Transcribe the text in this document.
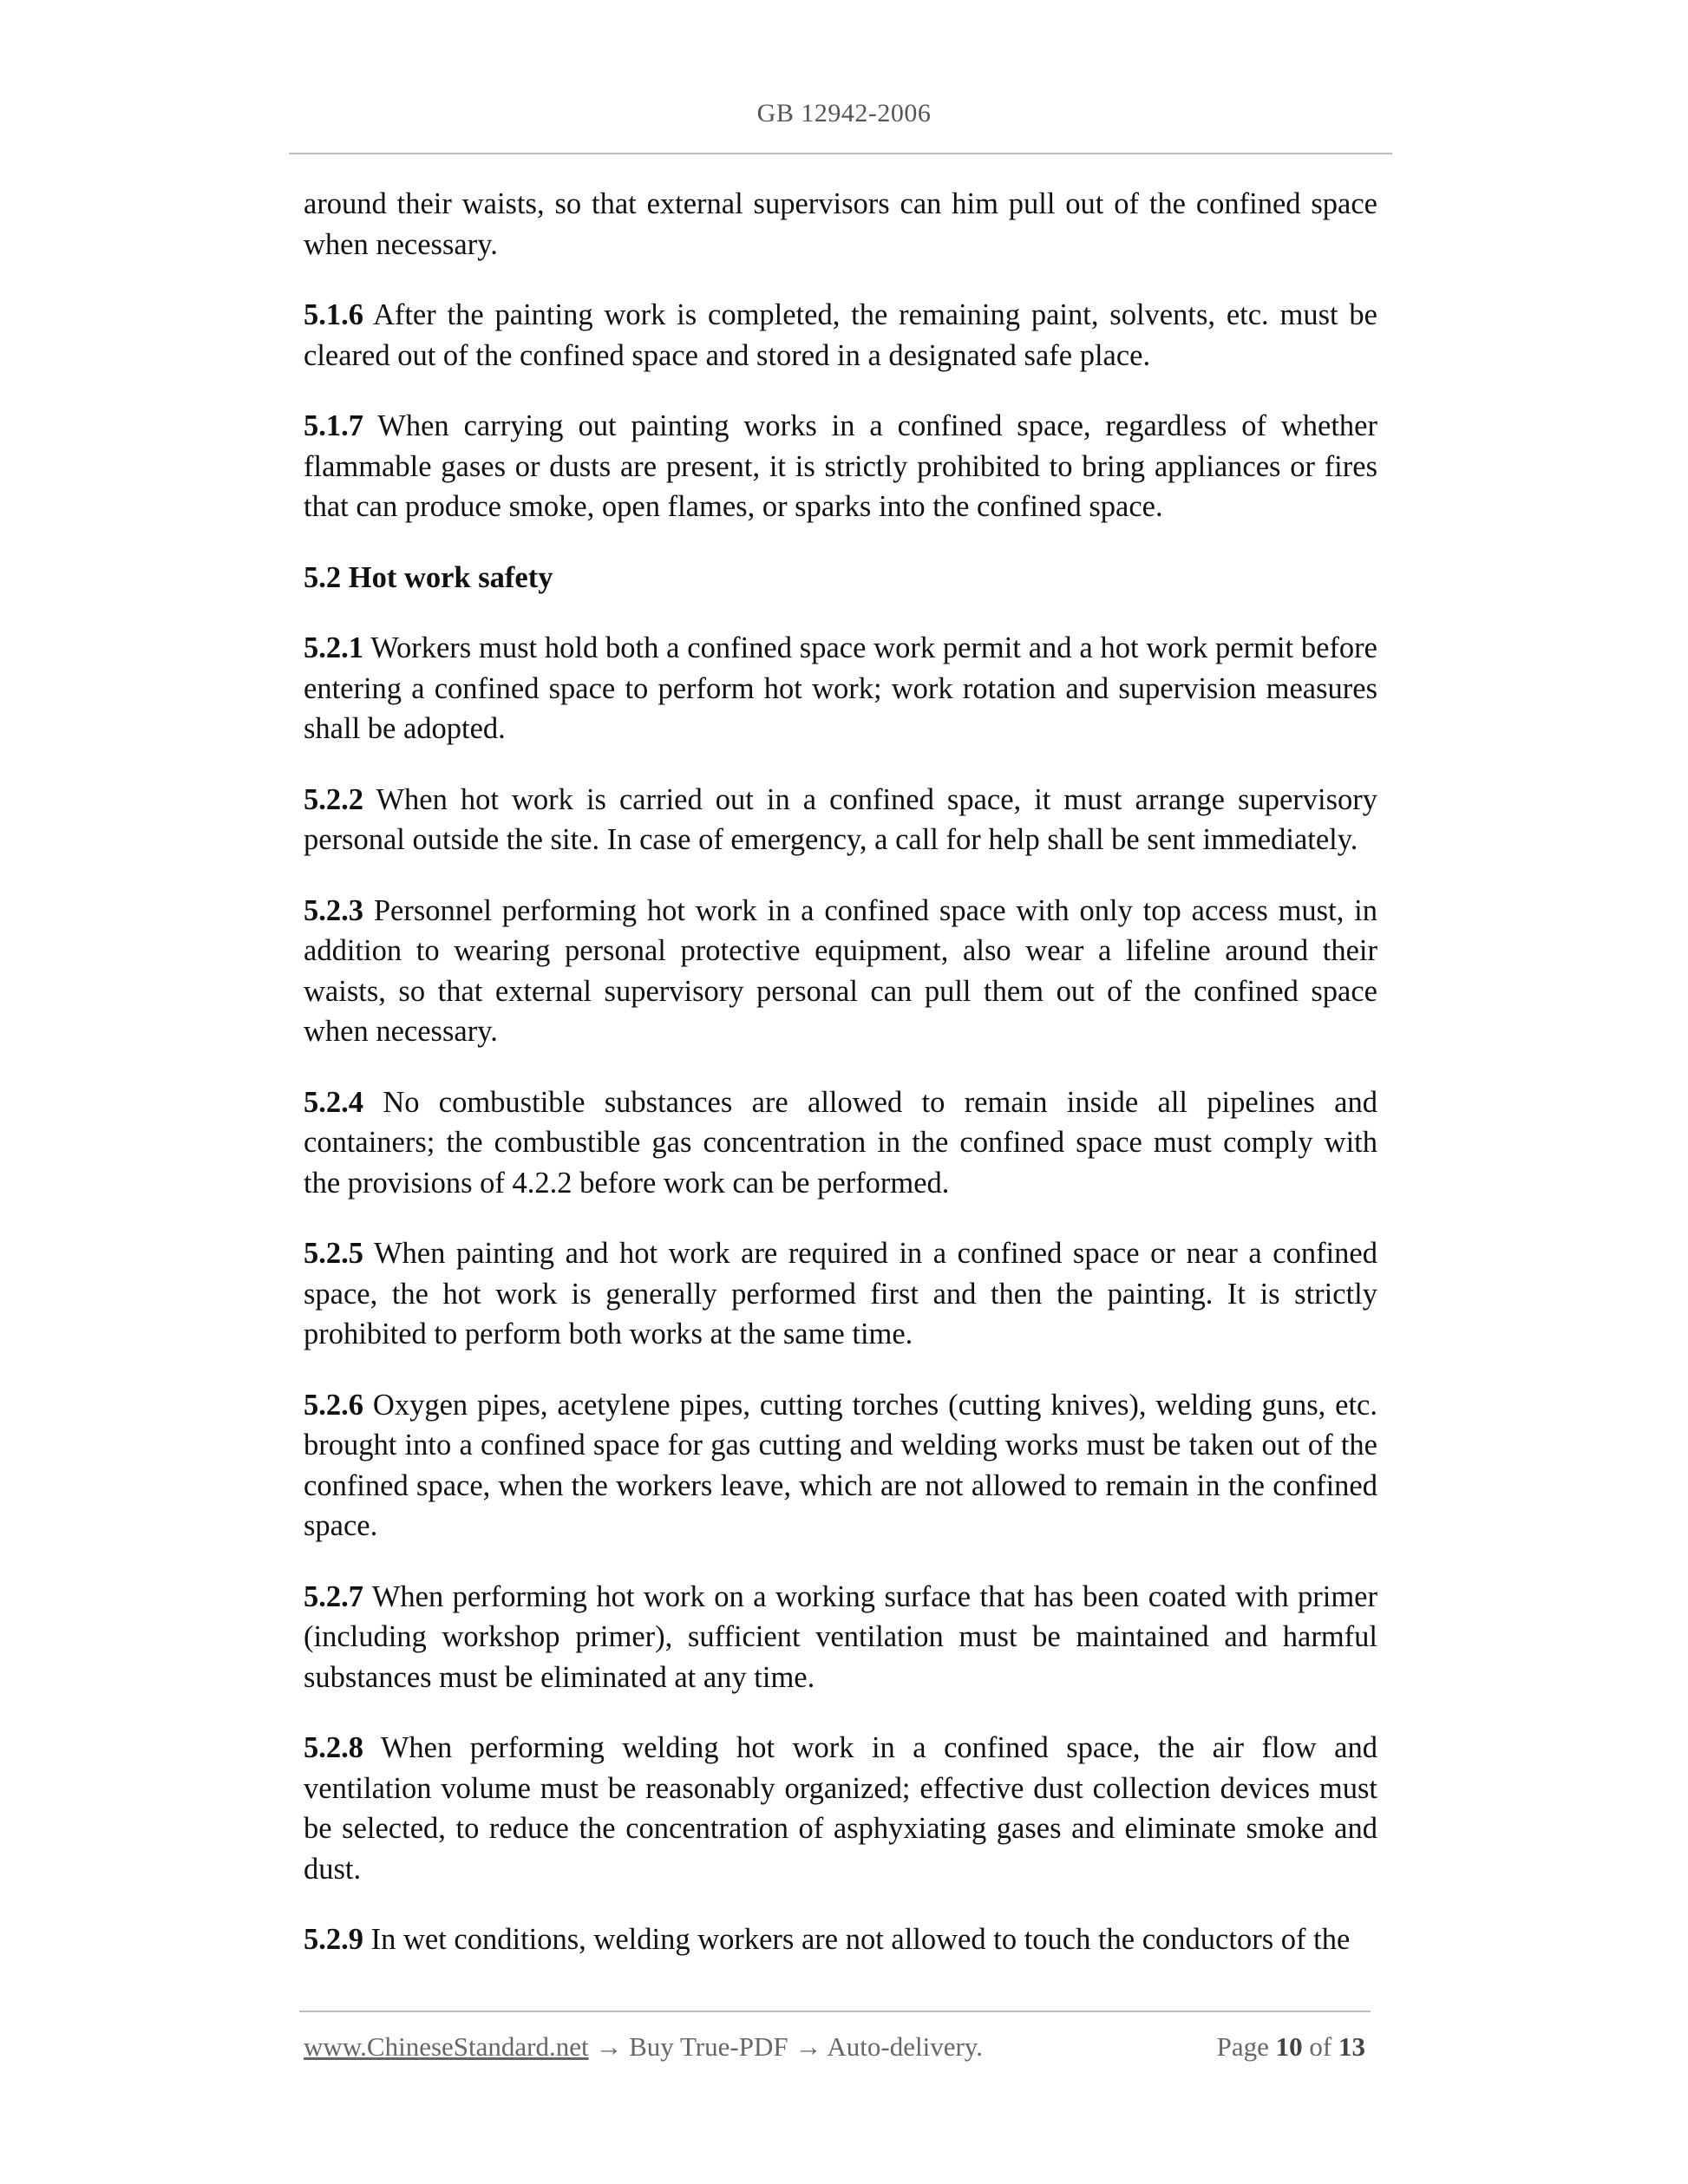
GB 12942-2006

around their waists, so that external supervisors can him pull out of the confined space when necessary.

5.1.6 After the painting work is completed, the remaining paint, solvents, etc. must be cleared out of the confined space and stored in a designated safe place.

5.1.7 When carrying out painting works in a confined space, regardless of whether flammable gases or dusts are present, it is strictly prohibited to bring appliances or fires that can produce smoke, open flames, or sparks into the confined space.

5.2 Hot work safety

5.2.1 Workers must hold both a confined space work permit and a hot work permit before entering a confined space to perform hot work; work rotation and supervision measures shall be adopted.

5.2.2 When hot work is carried out in a confined space, it must arrange supervisory personal outside the site. In case of emergency, a call for help shall be sent immediately.

5.2.3 Personnel performing hot work in a confined space with only top access must, in addition to wearing personal protective equipment, also wear a lifeline around their waists, so that external supervisory personal can pull them out of the confined space when necessary.

5.2.4 No combustible substances are allowed to remain inside all pipelines and containers; the combustible gas concentration in the confined space must comply with the provisions of 4.2.2 before work can be performed.

5.2.5 When painting and hot work are required in a confined space or near a confined space, the hot work is generally performed first and then the painting. It is strictly prohibited to perform both works at the same time.

5.2.6 Oxygen pipes, acetylene pipes, cutting torches (cutting knives), welding guns, etc. brought into a confined space for gas cutting and welding works must be taken out of the confined space, when the workers leave, which are not allowed to remain in the confined space.

5.2.7 When performing hot work on a working surface that has been coated with primer (including workshop primer), sufficient ventilation must be maintained and harmful substances must be eliminated at any time.

5.2.8 When performing welding hot work in a confined space, the air flow and ventilation volume must be reasonably organized; effective dust collection devices must be selected, to reduce the concentration of asphyxiating gases and eliminate smoke and dust.

5.2.9 In wet conditions, welding workers are not allowed to touch the conductors of the

www.ChineseStandard.net → Buy True-PDF → Auto-delivery.	Page 10 of 13
